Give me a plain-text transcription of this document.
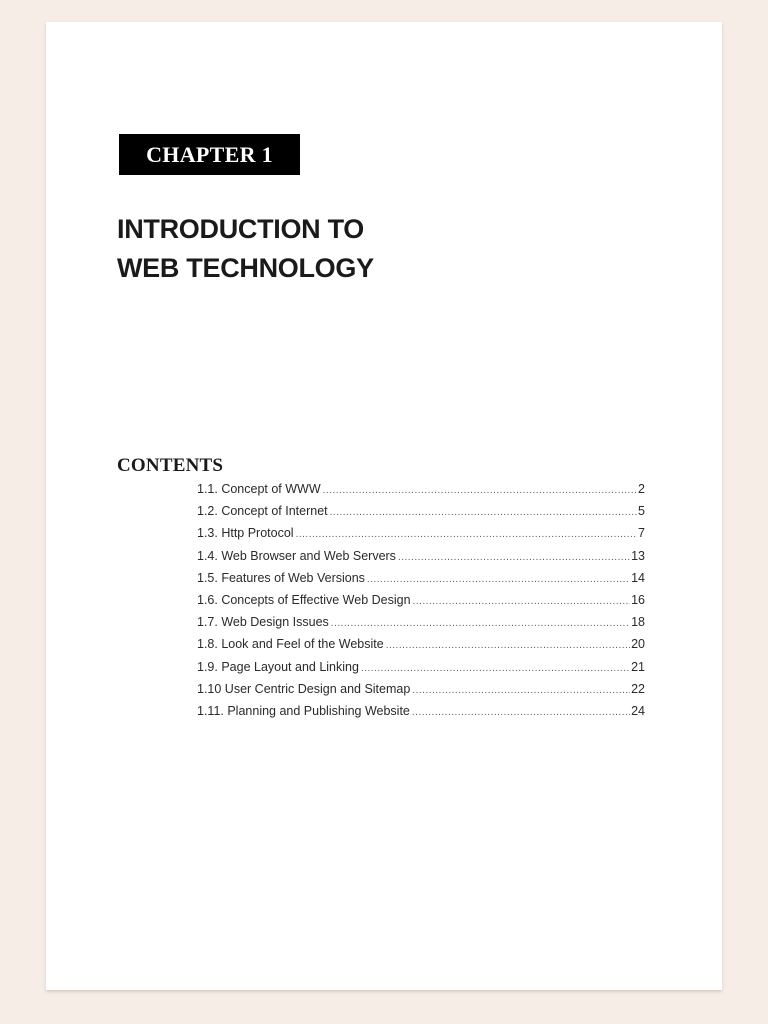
CHAPTER 1
INTRODUCTION TO
WEB TECHNOLOGY
CONTENTS
1.1. Concept of WWW .....	2
1.2. Concept of Internet .....	5
1.3. Http Protocol .....	7
1.4. Web Browser and Web Servers .....	13
1.5. Features of Web Versions .....	14
1.6. Concepts of Effective Web Design .....	16
1.7. Web Design Issues .....	18
1.8. Look and Feel of the Website .....	20
1.9. Page Layout and Linking .....	21
1.10 User Centric Design and Sitemap .....	22
1.11. Planning and Publishing Website .....	24
